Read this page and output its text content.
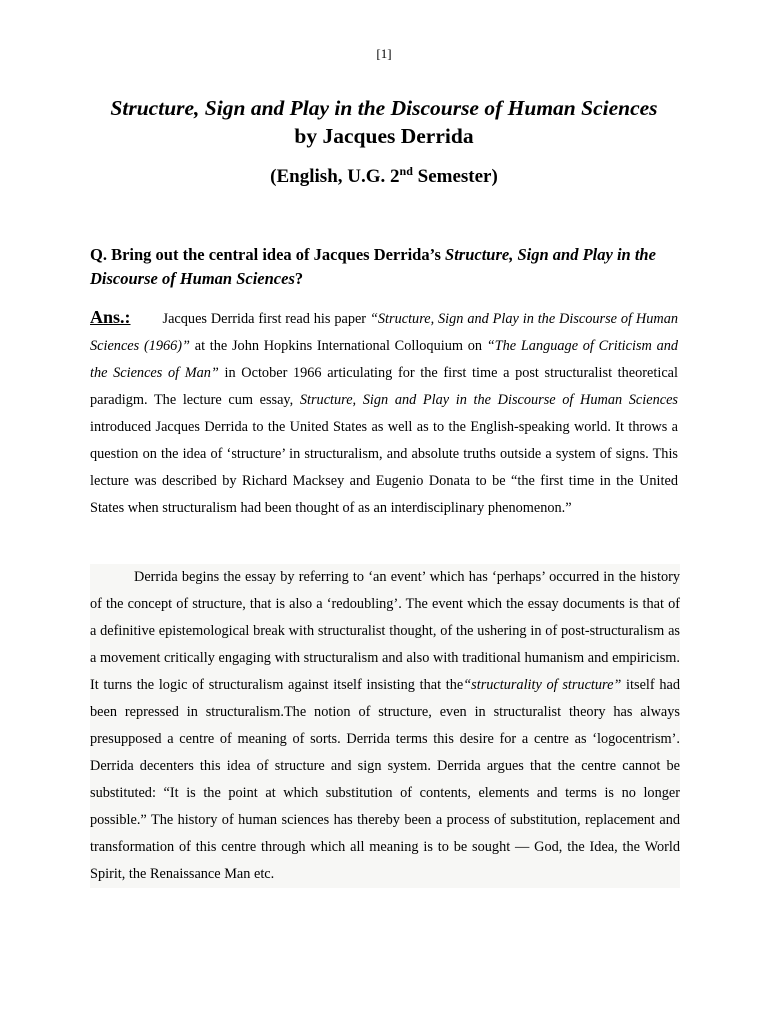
[1]
Structure, Sign and Play in the Discourse of Human Sciences
by Jacques Derrida
(English, U.G. 2nd Semester)
Q. Bring out the central idea of Jacques Derrida’s Structure, Sign and Play in the Discourse of Human Sciences?
Ans.: Jacques Derrida first read his paper “Structure, Sign and Play in the Discourse of Human Sciences (1966)” at the John Hopkins International Colloquium on “The Language of Criticism and the Sciences of Man” in October 1966 articulating for the first time a post structuralist theoretical paradigm. The lecture cum essay, Structure, Sign and Play in the Discourse of Human Sciences introduced Jacques Derrida to the United States as well as to the English-speaking world. It throws a question on the idea of ‘structure’ in structuralism, and absolute truths outside a system of signs. This lecture was described by Richard Macksey and Eugenio Donata to be “the first time in the United States when structuralism had been thought of as an interdisciplinary phenomenon.”
Derrida begins the essay by referring to ‘an event’ which has ‘perhaps’ occurred in the history of the concept of structure, that is also a ‘redoubling’. The event which the essay documents is that of a definitive epistemological break with structuralist thought, of the ushering in of post-structuralism as a movement critically engaging with structuralism and also with traditional humanism and empiricism. It turns the logic of structuralism against itself insisting that the“structurality of structure” itself had been repressed in structuralism.The notion of structure, even in structuralist theory has always presupposed a centre of meaning of sorts. Derrida terms this desire for a centre as ‘logocentrism’. Derrida decenters this idea of structure and sign system. Derrida argues that the centre cannot be substituted: “It is the point at which substitution of contents, elements and terms is no longer possible.” The history of human sciences has thereby been a process of substitution, replacement and transformation of this centre through which all meaning is to be sought — God, the Idea, the World Spirit, the Renaissance Man etc.
